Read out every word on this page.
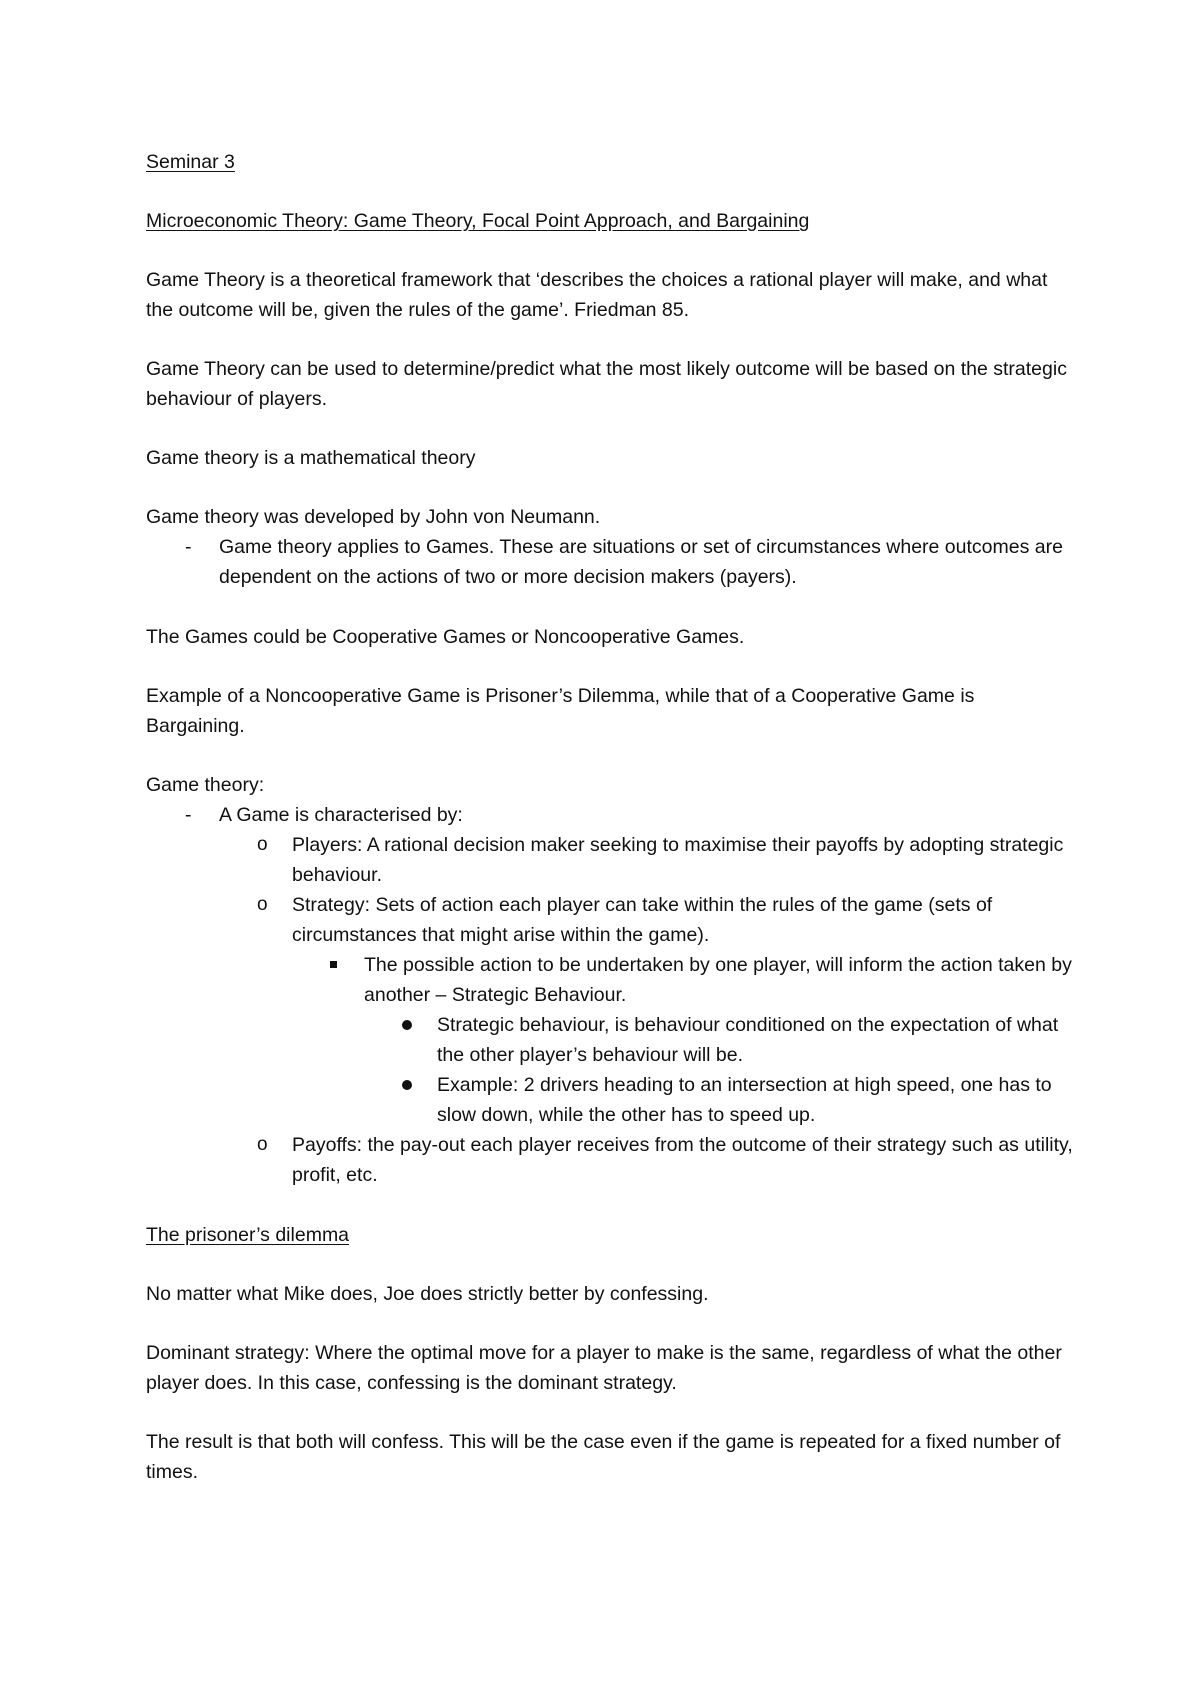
Seminar 3

Microeconomic Theory: Game Theory, Focal Point Approach, and Bargaining

Game Theory is a theoretical framework that ‘describes the choices a rational player will make, and what the outcome will be, given the rules of the game’. Friedman 85.

Game Theory can be used to determine/predict what the most likely outcome will be based on the strategic behaviour of players.

Game theory is a mathematical theory

Game theory was developed by John von Neumann.

-	Game theory applies to Games. These are situations or set of circumstances where outcomes are dependent on the actions of two or more decision makers (payers).

The Games could be Cooperative Games or Noncooperative Games.

Example of a Noncooperative Game is Prisoner’s Dilemma, while that of a Cooperative Game is Bargaining.

Game theory:

-	A Game is characterised by:
o	Players: A rational decision maker seeking to maximise their payoffs by adopting strategic behaviour.
o	Strategy: Sets of action each player can take within the rules of the game (sets of circumstances that might arise within the game).
The possible action to be undertaken by one player, will inform the action taken by another – Strategic Behaviour.
Strategic behaviour, is behaviour conditioned on the expectation of what the other player’s behaviour will be.
Example: 2 drivers heading to an intersection at high speed, one has to slow down, while the other has to speed up.
o	Payoffs: the pay-out each player receives from the outcome of their strategy such as utility, profit, etc.

The prisoner’s dilemma

No matter what Mike does, Joe does strictly better by confessing.

Dominant strategy: Where the optimal move for a player to make is the same, regardless of what the other player does. In this case, confessing is the dominant strategy.

The result is that both will confess. This will be the case even if the game is repeated for a fixed number of times.
